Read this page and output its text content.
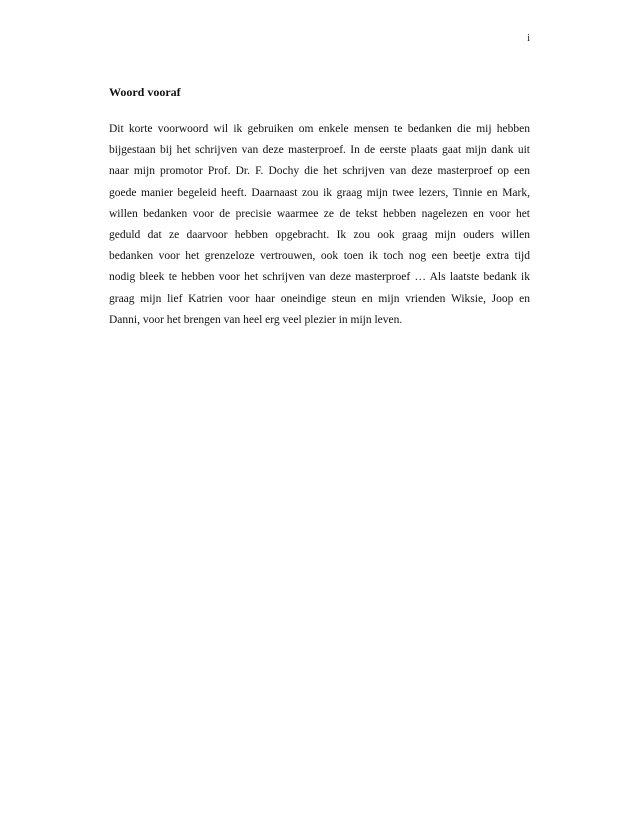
i
Woord vooraf
Dit korte voorwoord wil ik gebruiken om enkele mensen te bedanken die mij hebben
bijgestaan bij het schrijven van deze masterproef. In de eerste plaats gaat mijn dank uit
naar mijn promotor Prof. Dr. F. Dochy die het schrijven van deze masterproef op een
goede manier begeleid heeft. Daarnaast zou ik graag mijn twee lezers, Tinnie en Mark,
willen bedanken voor de precisie waarmee ze de tekst hebben nagelezen en voor het
geduld dat ze daarvoor hebben opgebracht. Ik zou ook graag mijn ouders willen
bedanken voor het grenzeloze vertrouwen, ook toen ik toch nog een beetje extra tijd
nodig bleek te hebben voor het schrijven van deze masterproef … Als laatste bedank ik
graag mijn lief Katrien voor haar oneindige steun en mijn vrienden Wiksie, Joop en
Danni, voor het brengen van heel erg veel plezier in mijn leven.
